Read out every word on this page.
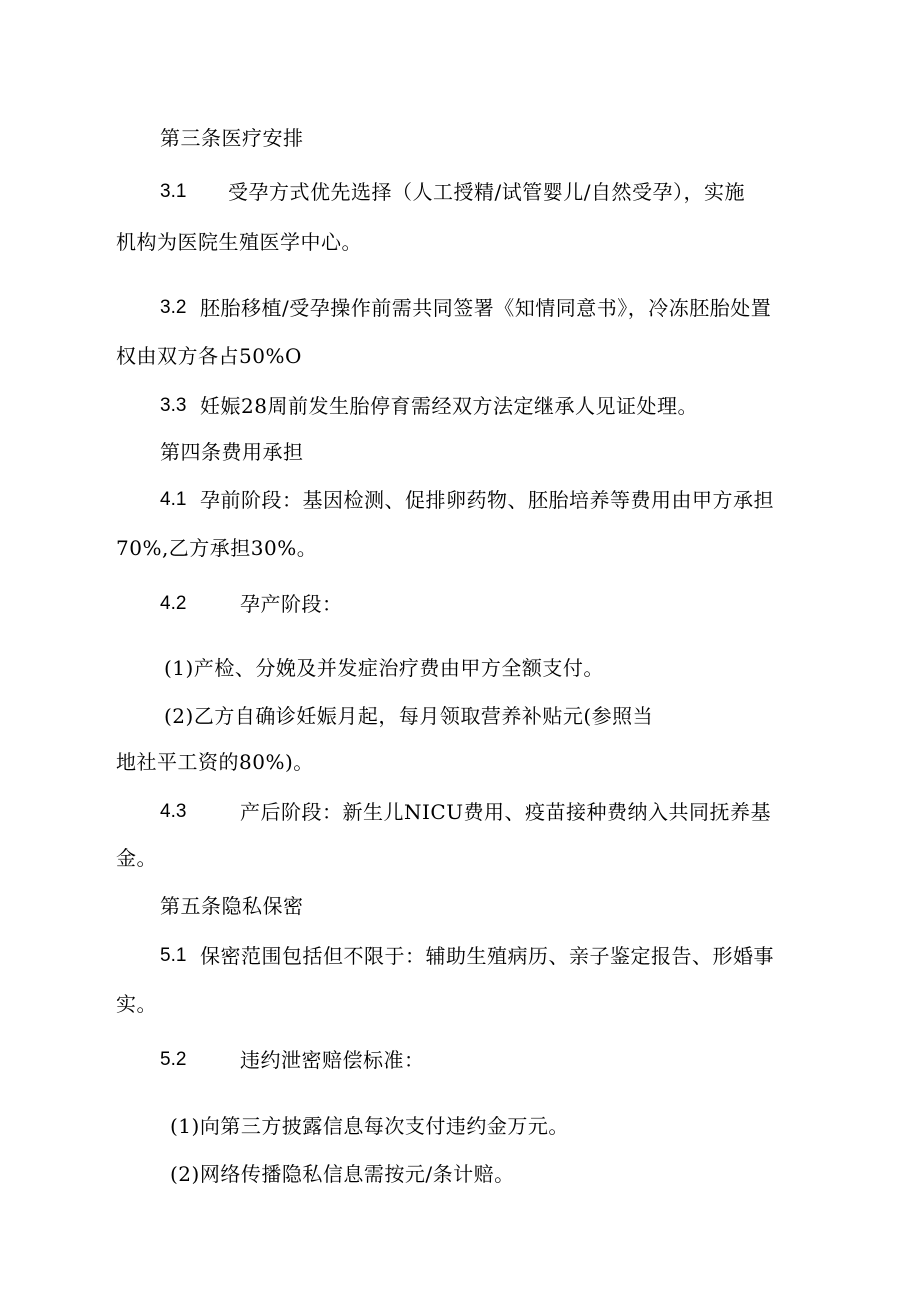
第三条医疗安排

3.1 受孕方式优先选择（人工授精/试管婴儿/自然受孕），实施

机构为医院生殖医学中心。

3.2 胚胎移植/受孕操作前需共同签署《知情同意书》，冷冻胚胎处置

权由双方各占50%O

3.3 妊娠28周前发生胎停育需经双方法定继承人见证处理。

第四条费用承担

4.1 孕前阶段：基因检测、促排卵药物、胚胎培养等费用由甲方承担

70%,乙方承担30%。

4.2	孕产阶段：

(1)产检、分娩及并发症治疗费由甲方全额支付。

(2)乙方自确诊妊娠月起，每月领取营养补贴元(参照当

地社平工资的80%)。

4.3	产后阶段：新生儿NICU费用、疫苗接种费纳入共同抚养基

金。

第五条隐私保密

5.1 保密范围包括但不限于：辅助生殖病历、亲子鉴定报告、形婚事

实。

5.2	违约泄密赔偿标准：

(1)向第三方披露信息每次支付违约金万元。

(2)网络传播隐私信息需按元/条计赔。
